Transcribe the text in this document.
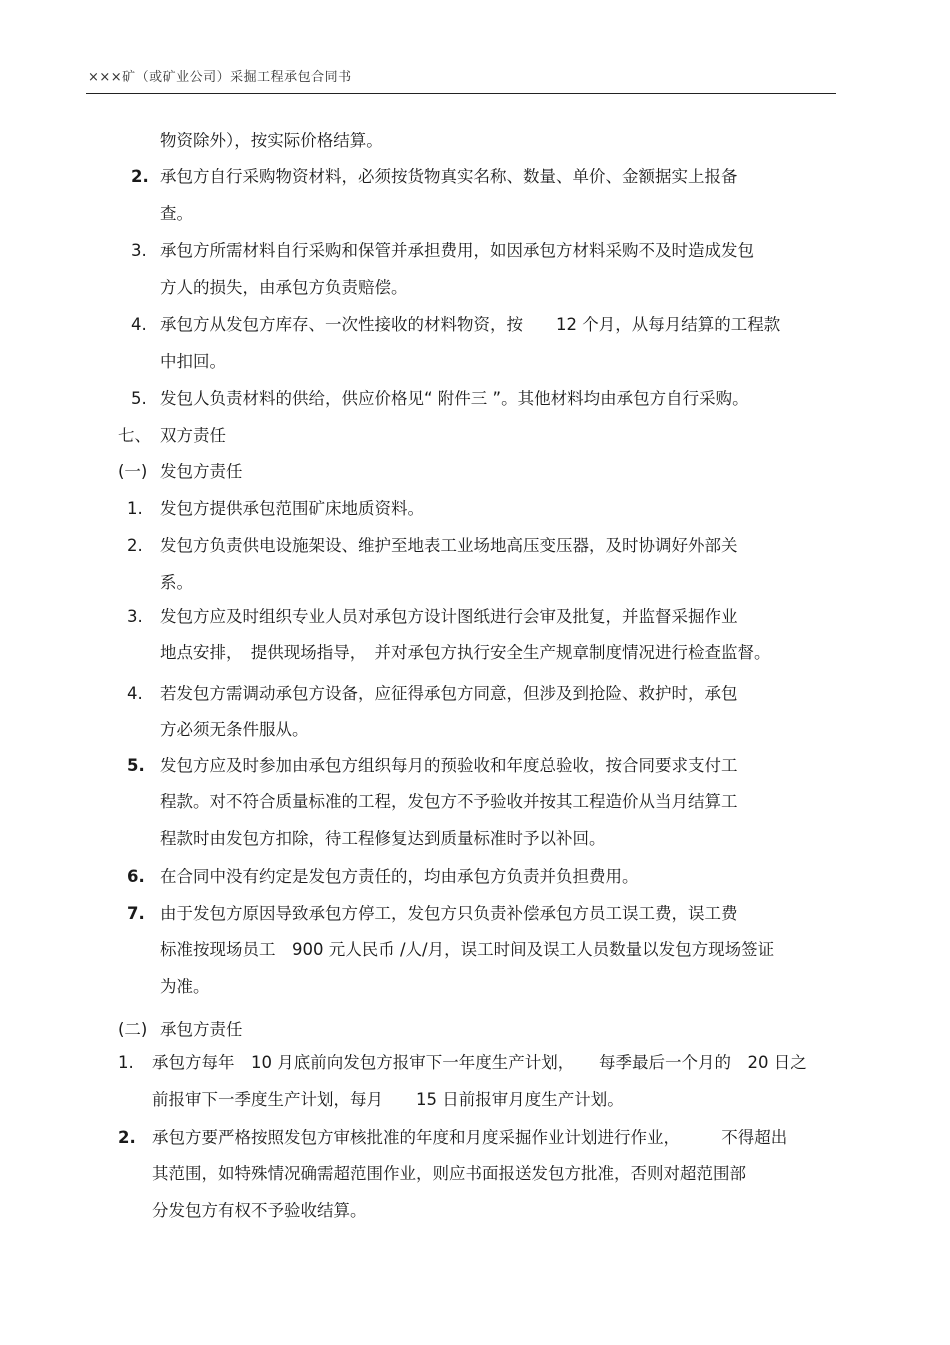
×××矿（或矿业公司）采掘工程承包合同书
物资除外），按实际价格结算。
2. 承包方自行采购物资材料，必须按货物真实名称、数量、单价、金额据实上报备
查。
3. 承包方所需材料自行采购和保管并承担费用，如因承包方材料采购不及时造成发包
方人的损失，由承包方负责赔偿。
4. 承包方从发包方库存、一次性接收的材料物资，按　　12 个月，从每月结算的工程款
中扣回。
5. 发包人负责材料的供给，供应价格见“ 附件三 ”。其他材料均由承包方自行采购。
七、 双方责任
(一) 发包方责任
1. 发包方提供承包范围矿床地质资料。
2. 发包方负责供电设施架设、维护至地表工业场地高压变压器，及时协调好外部关
系。
3. 发包方应及时组织专业人员对承包方设计图纸进行会审及批复，并监督采掘作业
地点安排，　提供现场指导，　并对承包方执行安全生产规章制度情况进行检查监督。
4. 若发包方需调动承包方设备，应征得承包方同意，但涉及到抢险、救护时，承包
方必须无条件服从。
5. 发包方应及时参加由承包方组织每月的预验收和年度总验收，按合同要求支付工
程款。对不符合质量标准的工程，发包方不予验收并按其工程造价从当月结算工
程款时由发包方扣除，待工程修复达到质量标准时予以补回。
6. 在合同中没有约定是发包方责任的，均由承包方负责并负担费用。
7. 由于发包方原因导致承包方停工，发包方只负责补偿承包方员工误工费，误工费
标准按现场员工　900 元人民币 /人/月，误工时间及误工人员数量以发包方现场签证
为准。
(二) 承包方责任
1. 承包方每年　10 月底前向发包方报审下一年度生产计划，　　每季最后一个月的　20 日之
前报审下一季度生产计划，每月　　15 日前报审月度生产计划。
2. 承包方要严格按照发包方审核批准的年度和月度采掘作业计划进行作业，　　　不得超出
其范围，如特殊情况确需超范围作业，则应书面报送发包方批准，否则对超范围部
分发包方有权不予验收结算。
